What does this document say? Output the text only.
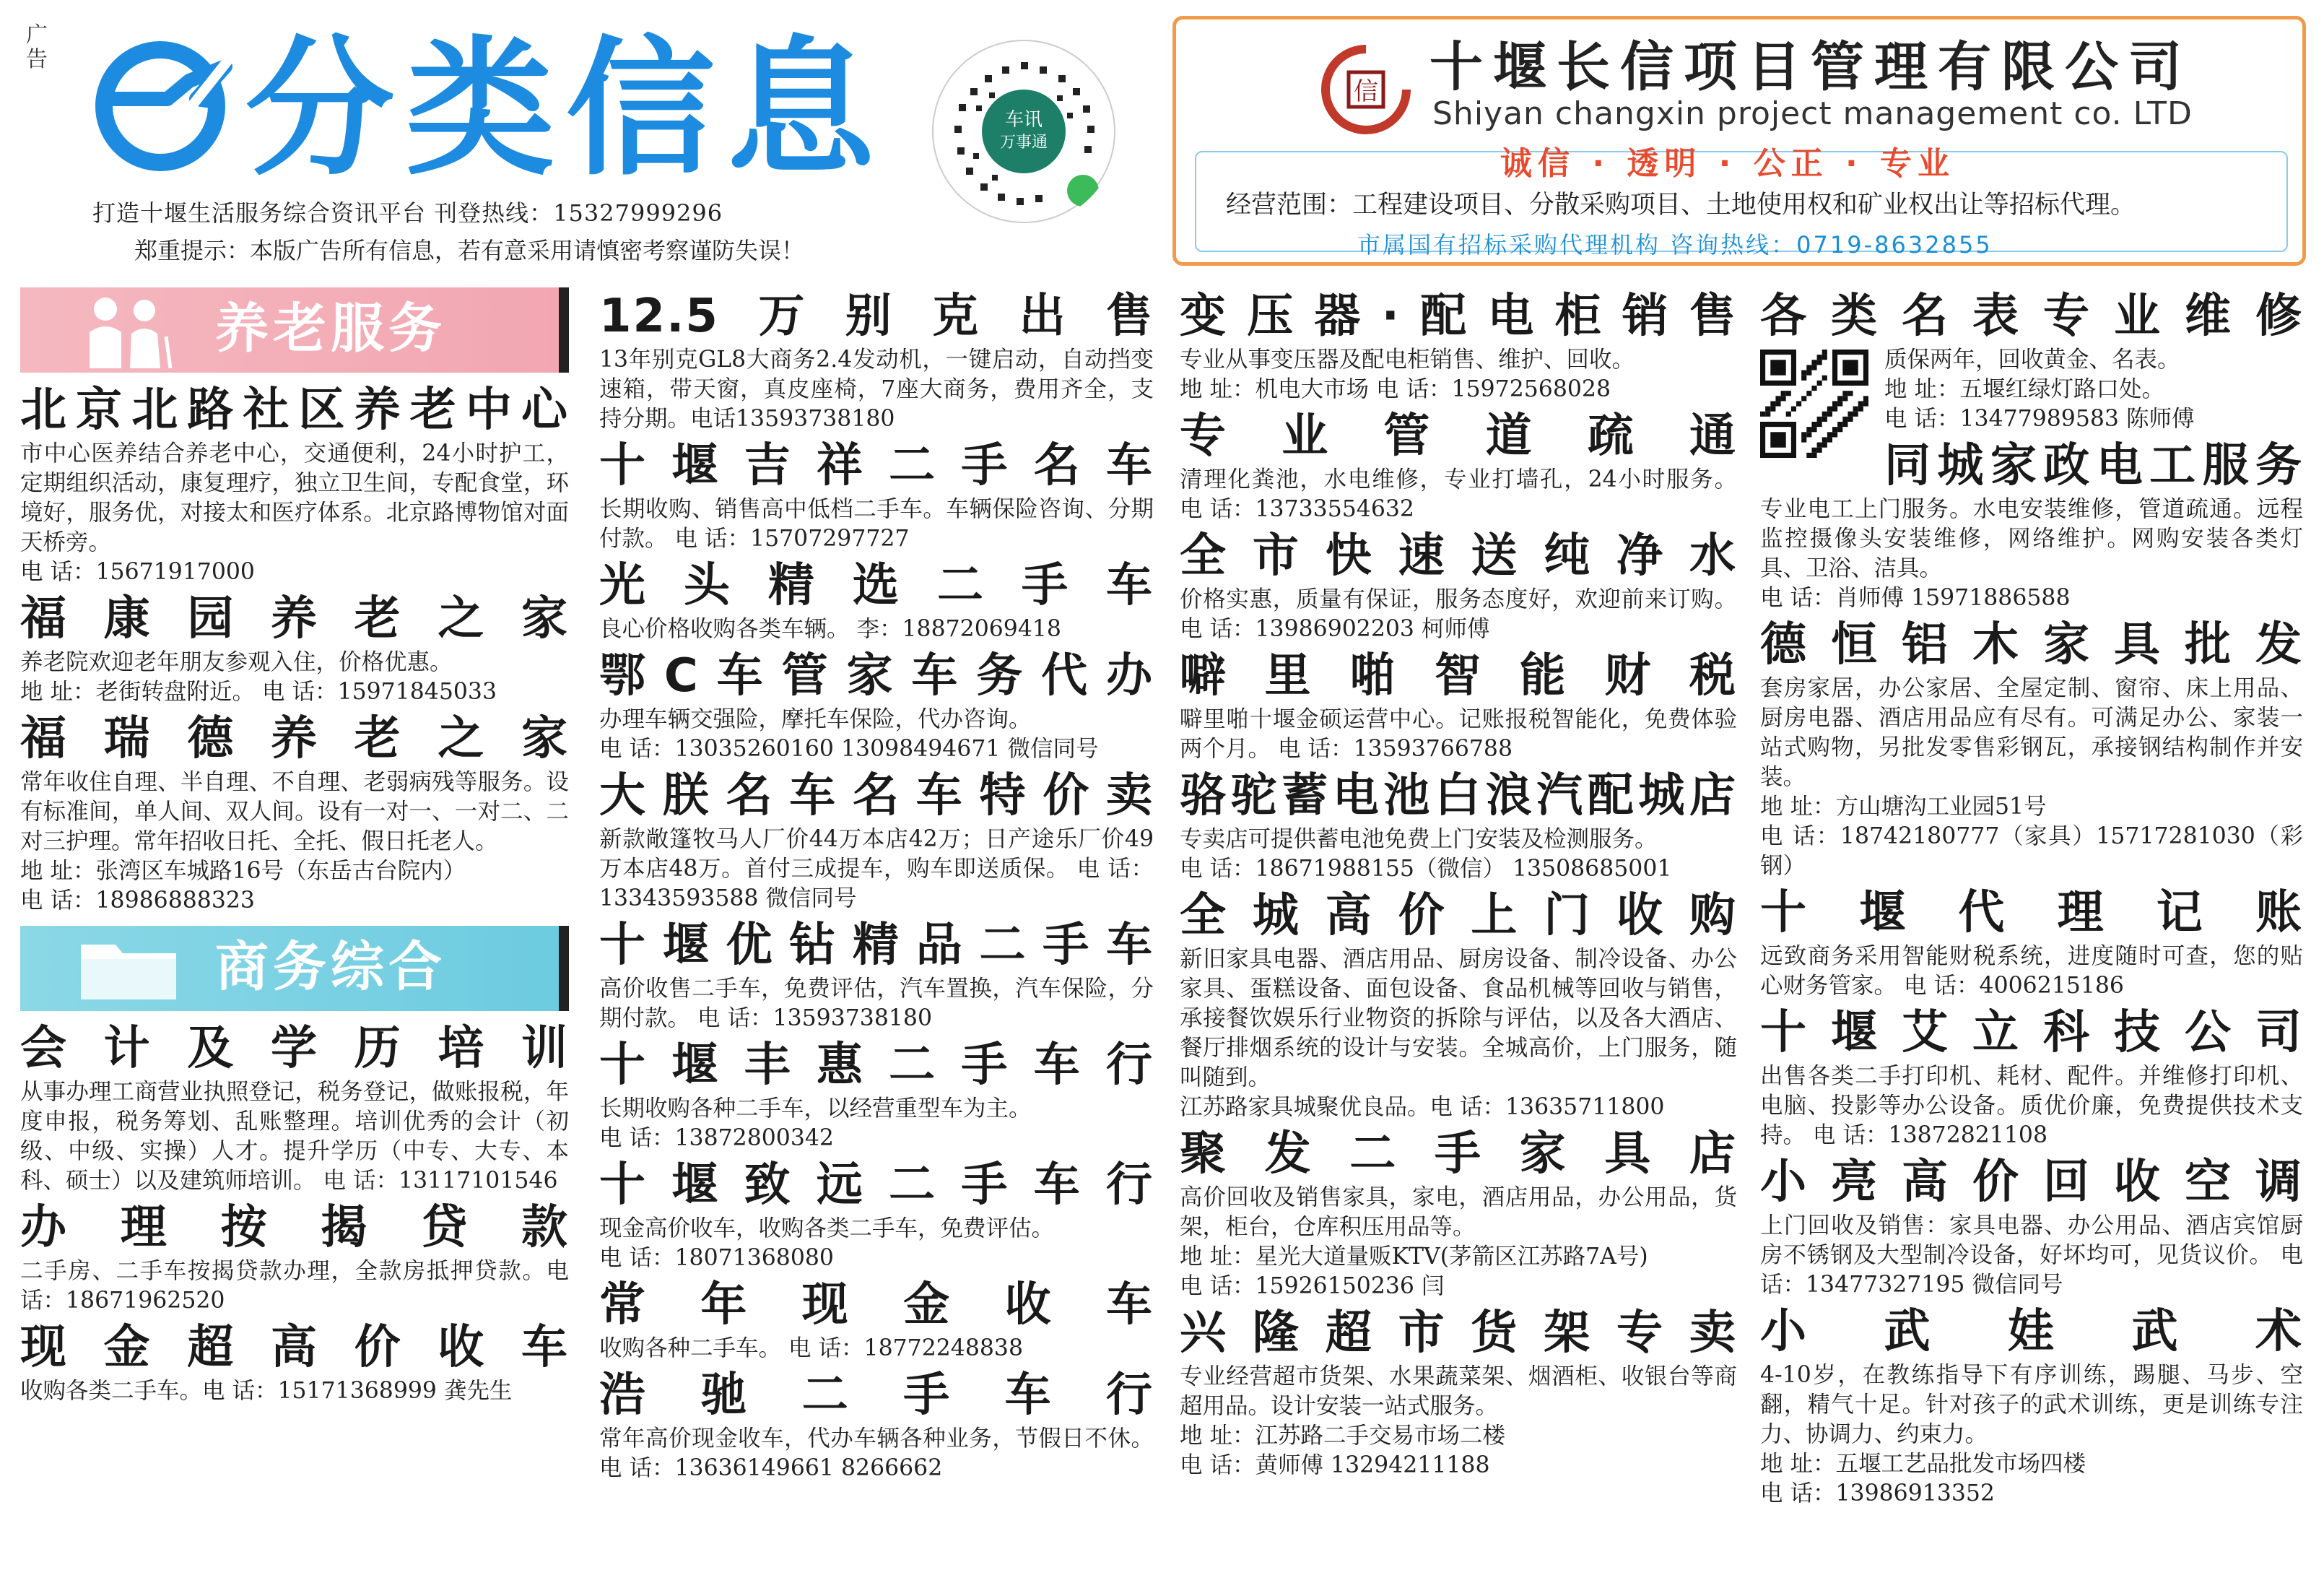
广告 分类信息
打造十堰生活服务综合资讯平台 刊登热线：15327999296
郑重提示：本版广告所有信息，若有意采用请慎密考察谨防失误！
车讯
万事通
信 十堰长信项目管理有限公司
Shiyan changxin project management co. LTD
诚信 · 透明 · 公正 · 专业
经营范围：工程建设项目、分散采购项目、土地使用权和矿业权出让等招标代理。
市属国有招标采购代理机构 咨询热线：0719-8632855
养老服务
北京北路社区养老中心
市中心医养结合养老中心，交通便利，24小时护工，定期组织活动，康复理疗，独立卫生间，专配食堂，环境好，服务优，对接太和医疗体系。北京路博物馆对面天桥旁。
电 话：15671917000
福康园养老之家
养老院欢迎老年朋友参观入住，价格优惠。
地 址：老街转盘附近。 电 话：15971845033
福瑞德养老之家
常年收住自理、半自理、不自理、老弱病残等服务。设有标准间，单人间、双人间。设有一对一、一对二、二对三护理。常年招收日托、全托、假日托老人。
地 址：张湾区车城路16号（东岳古台院内）
电 话：18986888323
商务综合
会计及学历培训
从事办理工商营业执照登记，税务登记，做账报税，年度申报，税务筹划、乱账整理。培训优秀的会计（初级、中级、实操）人才。提升学历（中专、大专、本科、硕士）以及建筑师培训。 电 话：13117101546
办理按揭贷款
二手房、二手车按揭贷款办理，全款房抵押贷款。电 话：18671962520
现金超高价收车
收购各类二手车。电 话：15171368999 龚先生
12.5万别克出售
13年别克GL8大商务2.4发动机，一键启动，自动挡变速箱，带天窗，真皮座椅，7座大商务，费用齐全，支持分期。电话13593738180
十堰吉祥二手名车
长期收购、销售高中低档二手车。车辆保险咨询、分期付款。 电 话：15707297727
光头精选二手车
良心价格收购各类车辆。 李：18872069418
鄂C车管家车务代办
办理车辆交强险，摩托车保险，代办咨询。
电 话：13035260160 13098494671 微信同号
大朕名车名车特价卖
新款敞篷牧马人厂价44万本店42万；日产途乐厂价49万本店48万。首付三成提车，购车即送质保。 电 话：13343593588 微信同号
十堰优钻精品二手车
高价收售二手车，免费评估，汽车置换，汽车保险，分期付款。 电 话：13593738180
十堰丰惠二手车行
长期收购各种二手车，以经营重型车为主。
电 话：13872800342
十堰致远二手车行
现金高价收车，收购各类二手车，免费评估。
电 话：18071368080
常年现金收车
收购各种二手车。 电 话：18772248838
浩驰二手车行
常年高价现金收车，代办车辆各种业务，节假日不休。 电 话：13636149661 8266662
变压器·配电柜销售
专业从事变压器及配电柜销售、维护、回收。
地 址：机电大市场 电 话：15972568028
专业管道疏通
清理化粪池，水电维修，专业打墙孔，24小时服务。 电 话：13733554632
全市快速送纯净水
价格实惠，质量有保证，服务态度好，欢迎前来订购。 电 话：13986902203 柯师傅
噼里啪智能财税
噼里啪十堰金硕运营中心。记账报税智能化，免费体验两个月。 电 话：13593766788
骆驼蓄电池白浪汽配城店
专卖店可提供蓄电池免费上门安装及检测服务。
电 话：18671988155（微信） 13508685001
全城高价上门收购
新旧家具电器、酒店用品、厨房设备、制冷设备、办公家具、蛋糕设备、面包设备、食品机械等回收与销售，承接餐饮娱乐行业物资的拆除与评估，以及各大酒店、餐厅排烟系统的设计与安装。全城高价，上门服务，随叫随到。
江苏路家具城聚优良品。电 话：13635711800
聚发二手家具店
高价回收及销售家具，家电，酒店用品，办公用品，货架，柜台，仓库积压用品等。
地 址：星光大道量贩KTV(茅箭区江苏路7A号)
电 话：15926150236 闫
兴隆超市货架专卖
专业经营超市货架、水果蔬菜架、烟酒柜、收银台等商超用品。设计安装一站式服务。
地 址：江苏路二手交易市场二楼
电 话：黄师傅 13294211188
各类名表专业维修
质保两年，回收黄金、名表。
地 址：五堰红绿灯路口处。
电 话：13477989583 陈师傅
同城家政电工服务
专业电工上门服务。水电安装维修，管道疏通。远程监控摄像头安装维修，网络维护。网购安装各类灯具、卫浴、洁具。
电 话：肖师傅 15971886588
德恒铝木家具批发
套房家居，办公家居、全屋定制、窗帘、床上用品、厨房电器、酒店用品应有尽有。可满足办公、家装一站式购物，另批发零售彩钢瓦，承接钢结构制作并安装。
地 址：方山塘沟工业园51号
电 话：18742180777（家具）15717281030（彩钢）
十堰代理记账
远致商务采用智能财税系统，进度随时可查，您的贴心财务管家。 电 话：4006215186
十堰艾立科技公司
出售各类二手打印机、耗材、配件。并维修打印机、电脑、投影等办公设备。质优价廉，免费提供技术支持。 电 话：13872821108
小亮高价回收空调
上门回收及销售：家具电器、办公用品、酒店宾馆厨房不锈钢及大型制冷设备，好坏均可，见货议价。 电 话：13477327195 微信同号
小武娃武术
4-10岁，在教练指导下有序训练，踢腿、马步、空翻，精气十足。针对孩子的武术训练，更是训练专注力、协调力、约束力。
地 址：五堰工艺品批发市场四楼
电 话：13986913352
